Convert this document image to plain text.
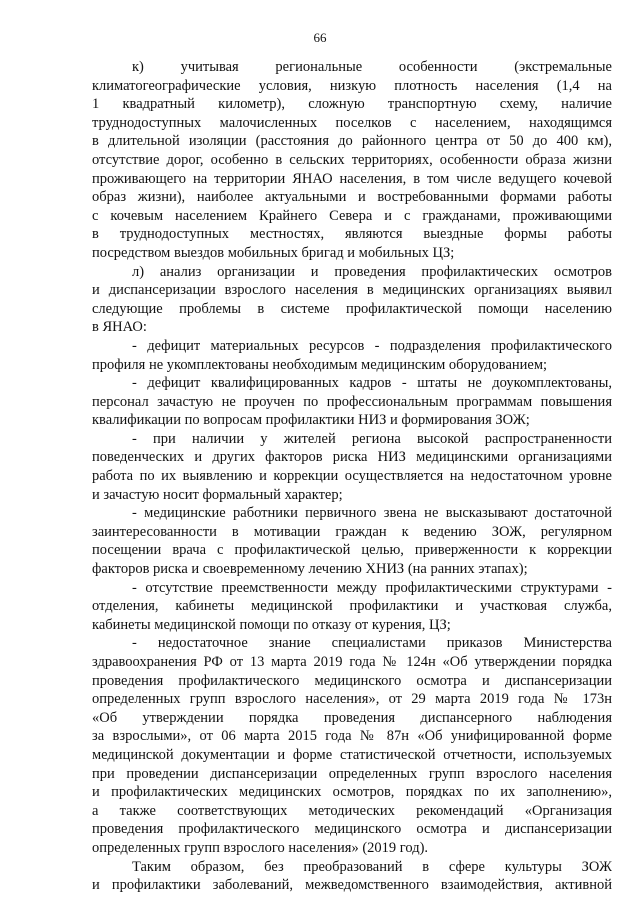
66
к) учитывая региональные особенности (экстремальные
климатогеографические условия, низкую плотность населения (1,4 на
1 квадратный километр), сложную транспортную схему, наличие
труднодоступных малочисленных поселков с населением, находящимся
в длительной изоляции (расстояния до районного центра от 50 до 400 км),
отсутствие дорог, особенно в сельских территориях, особенности образа жизни
проживающего на территории ЯНАО населения, в том числе ведущего кочевой
образ жизни), наиболее актуальными и востребованными формами работы
с кочевым населением Крайнего Севера и с гражданами, проживающими
в труднодоступных местностях, являются выездные формы работы
посредством выездов мобильных бригад и мобильных ЦЗ;
л) анализ организации и проведения профилактических осмотров
и диспансеризации взрослого населения в медицинских организациях выявил
следующие проблемы в системе профилактической помощи населению
в ЯНАО:
- дефицит материальных ресурсов - подразделения профилактического
профиля не укомплектованы необходимым медицинским оборудованием;
- дефицит квалифицированных кадров - штаты не доукомплектованы,
персонал зачастую не проучен по профессиональным программам повышения
квалификации по вопросам профилактики НИЗ и формирования ЗОЖ;
- при наличии у жителей региона высокой распространенности
поведенческих и других факторов риска НИЗ медицинскими организациями
работа по их выявлению и коррекции осуществляется на недостаточном уровне
и зачастую носит формальный характер;
- медицинские работники первичного звена не высказывают достаточной
заинтересованности в мотивации граждан к ведению ЗОЖ, регулярном
посещении врача с профилактической целью, приверженности к коррекции
факторов риска и своевременному лечению ХНИЗ (на ранних этапах);
- отсутствие преемственности между профилактическими структурами -
отделения, кабинеты медицинской профилактики и участковая служба,
кабинеты медицинской помощи по отказу от курения, ЦЗ;
- недостаточное знание специалистами приказов Министерства
здравоохранения РФ от 13 марта 2019 года № 124н «Об утверждении порядка
проведения профилактического медицинского осмотра и диспансеризации
определенных групп взрослого населения», от 29 марта 2019 года № 173н
«Об утверждении порядка проведения диспансерного наблюдения
за взрослыми», от 06 марта 2015 года № 87н «Об унифицированной форме
медицинской документации и форме статистической отчетности, используемых
при проведении диспансеризации определенных групп взрослого населения
и профилактических медицинских осмотров, порядках по их заполнению»,
а также соответствующих методических рекомендаций «Организация
проведения профилактического медицинского осмотра и диспансеризации
определенных групп взрослого населения» (2019 год).
Таким образом, без преобразований в сфере культуры ЗОЖ
и профилактики заболеваний, межведомственного взаимодействия, активной
